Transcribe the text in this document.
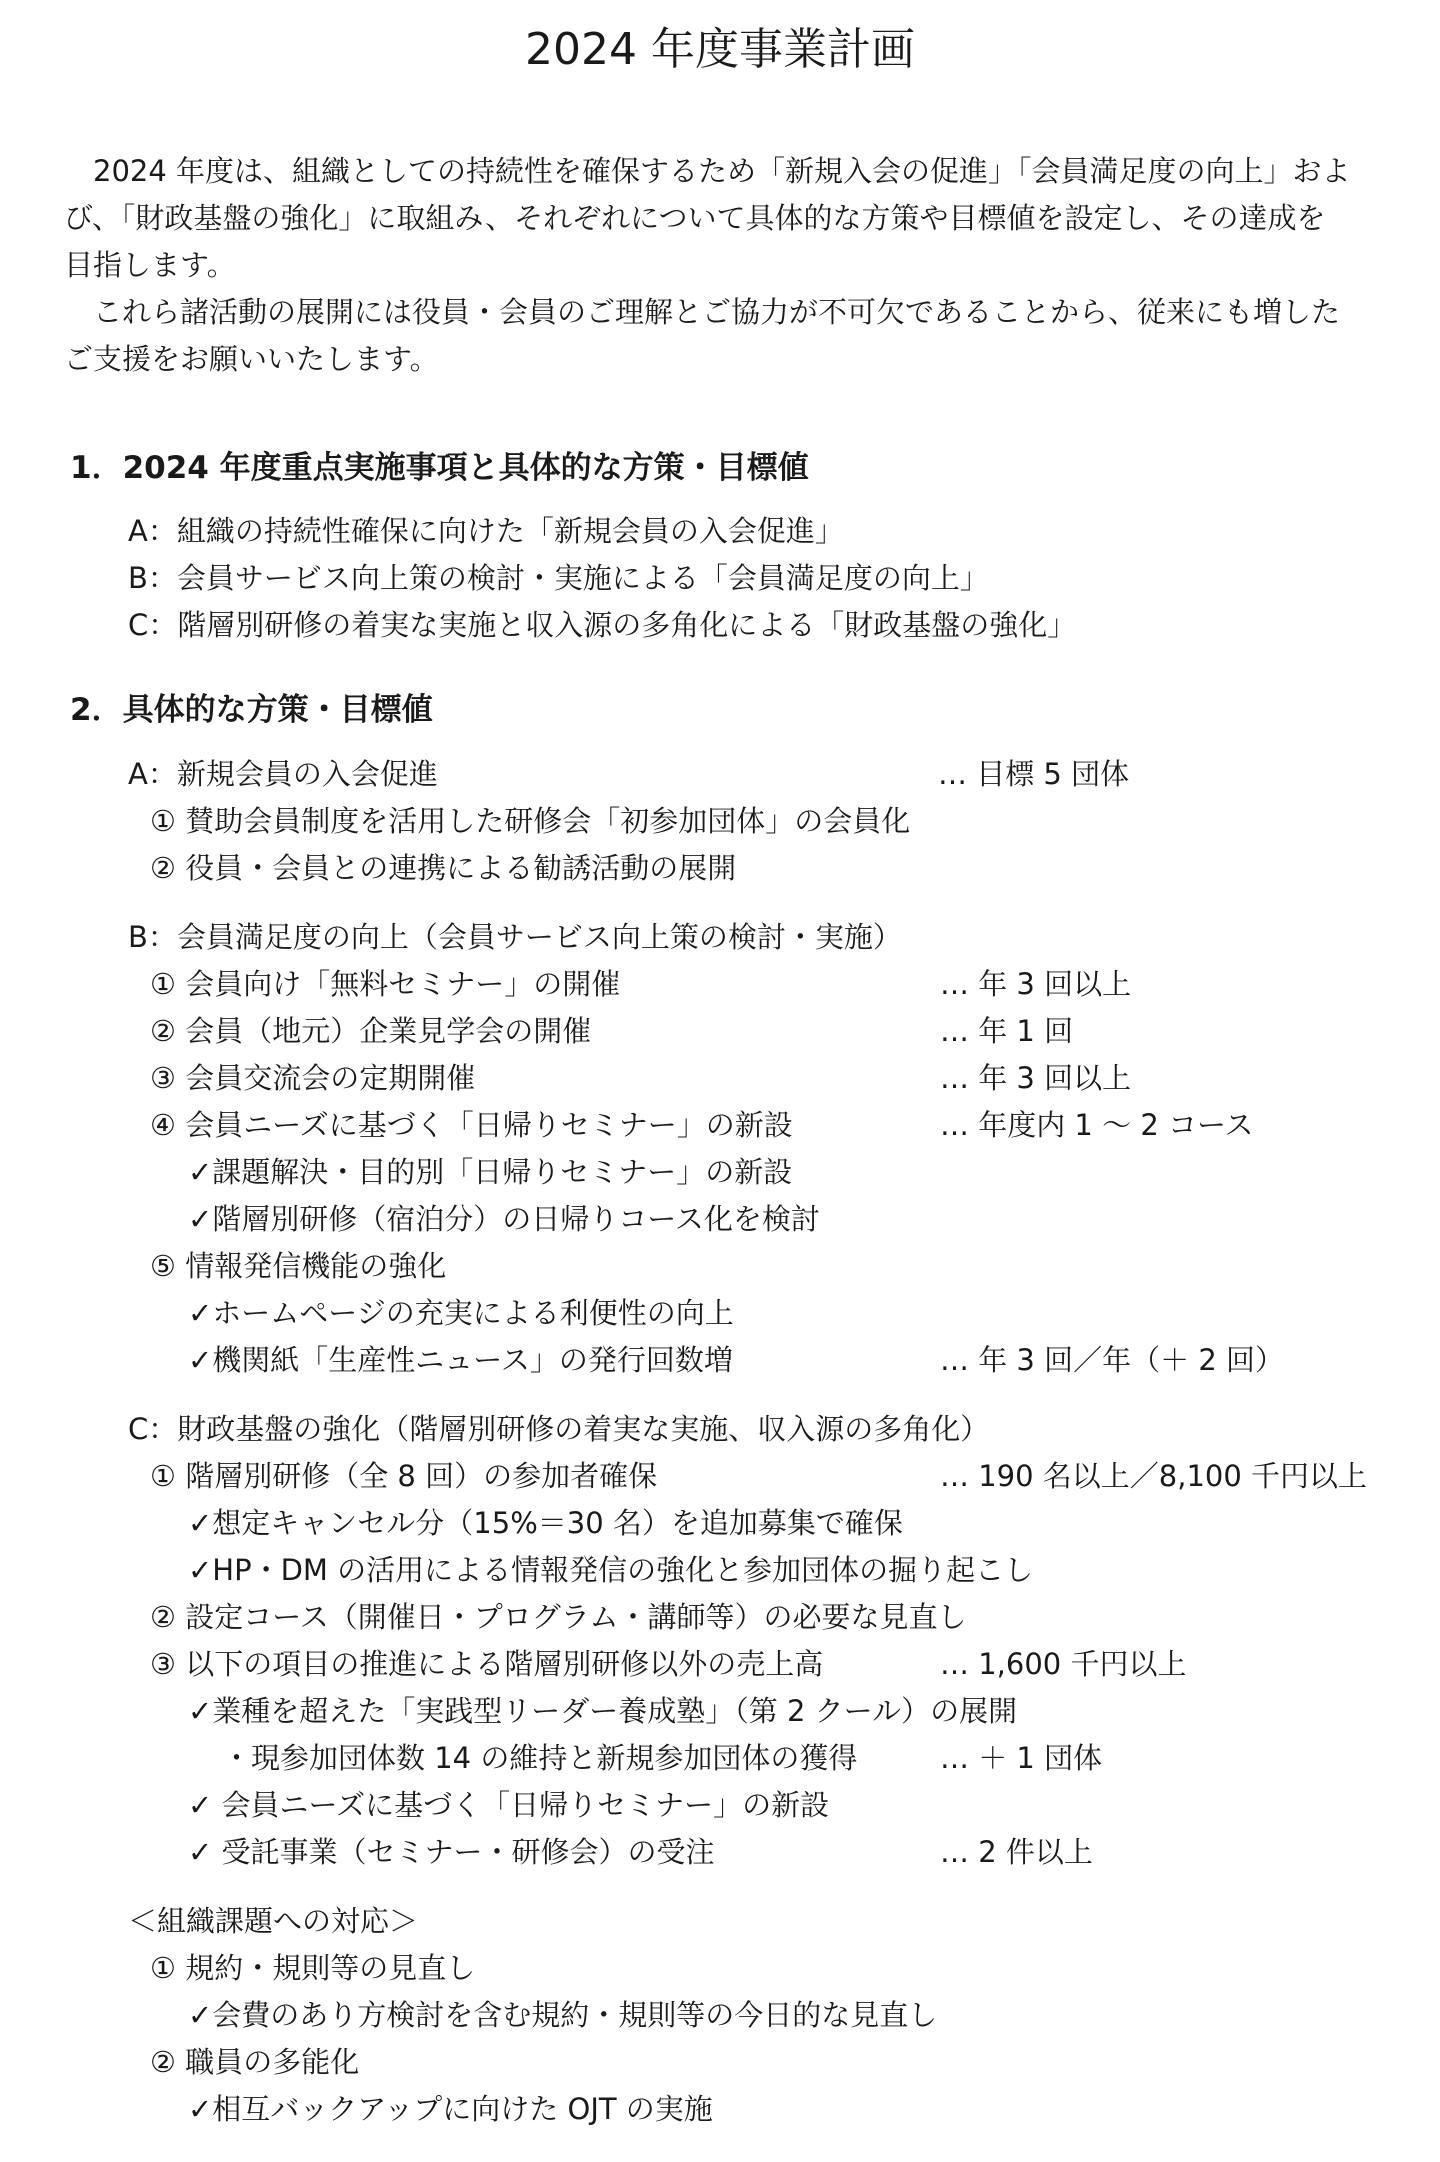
2024 年度事業計画

2024 年度は、組織としての持続性を確保するため「新規入会の促進」「会員満足度の向上」およ

び、「財政基盤の強化」に取組み、それぞれについて具体的な方策や目標値を設定し、その達成を

目指します。

これら諸活動の展開には役員・会員のご理解とご協力が不可欠であることから、従来にも増した

ご支援をお願いいたします。

1．2024 年度重点実施事項と具体的な方策・目標値
A：組織の持続性確保に向けた「新規会員の入会促進」
B：会員サービス向上策の検討・実施による「会員満足度の向上」
C：階層別研修の着実な実施と収入源の多角化による「財政基盤の強化」
2．具体的な方策・目標値
A：新規会員の入会促進	… 目標 5 団体
① 賛助会員制度を活用した研修会「初参加団体」の会員化
② 役員・会員との連携による勧誘活動の展開
B：会員満足度の向上（会員サービス向上策の検討・実施）
① 会員向け「無料セミナー」の開催	… 年 3 回以上
② 会員（地元）企業見学会の開催	… 年 1 回
③ 会員交流会の定期開催	… 年 3 回以上
④ 会員ニーズに基づく「日帰りセミナー」の新設	… 年度内 1 ～ 2 コース
✓課題解決・目的別「日帰りセミナー」の新設
✓階層別研修（宿泊分）の日帰りコース化を検討
⑤ 情報発信機能の強化
✓ホームページの充実による利便性の向上
✓機関紙「生産性ニュース」の発行回数増	… 年 3 回／年（＋ 2 回）
C：財政基盤の強化（階層別研修の着実な実施、収入源の多角化）
① 階層別研修（全 8 回）の参加者確保	… 190 名以上／8,100 千円以上
✓想定キャンセル分（15%＝30 名）を追加募集で確保
✓HP・DM の活用による情報発信の強化と参加団体の掘り起こし
② 設定コース（開催日・プログラム・講師等）の必要な見直し
③ 以下の項目の推進による階層別研修以外の売上高	… 1,600 千円以上
✓業種を超えた「実践型リーダー養成塾」（第 2 クール）の展開
・現参加団体数 14 の維持と新規参加団体の獲得	… ＋ 1 団体
✓ 会員ニーズに基づく「日帰りセミナー」の新設
✓ 受託事業（セミナー・研修会）の受注	… 2 件以上
＜組織課題への対応＞
① 規約・規則等の見直し
✓会費のあり方検討を含む規約・規則等の今日的な見直し
② 職員の多能化
✓相互バックアップに向けた OJT の実施
